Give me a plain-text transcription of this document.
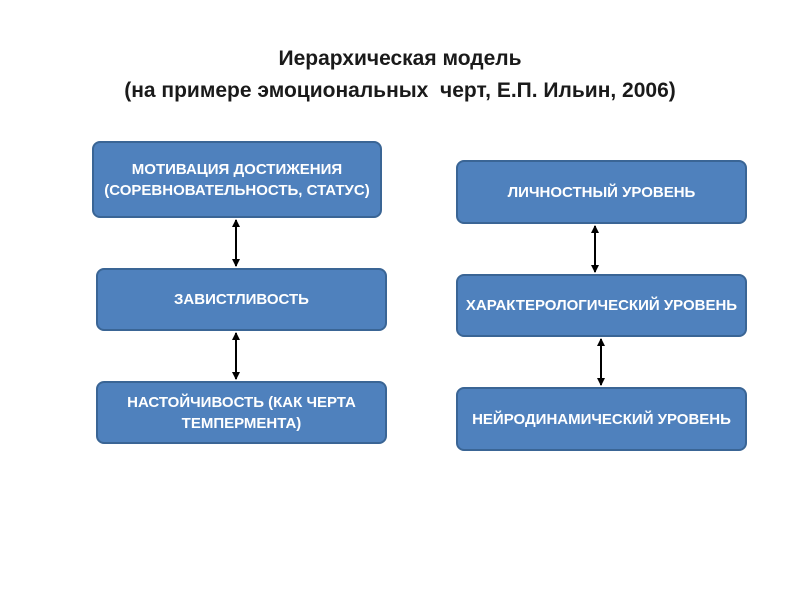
Иерархическая модель
(на примере эмоциональных  черт, Е.П. Ильин, 2006)
МОТИВАЦИЯ ДОСТИЖЕНИЯ (СОРЕВНОВАТЕЛЬНОСТЬ, СТАТУС)
ЗАВИСТЛИВОСТЬ
НАСТОЙЧИВОСТЬ (КАК ЧЕРТА ТЕМПЕРМЕНТА)
ЛИЧНОСТНЫЙ УРОВЕНЬ
ХАРАКТЕРОЛОГИЧЕСКИЙ УРОВЕНЬ
НЕЙРОДИНАМИЧЕСКИЙ УРОВЕНЬ
